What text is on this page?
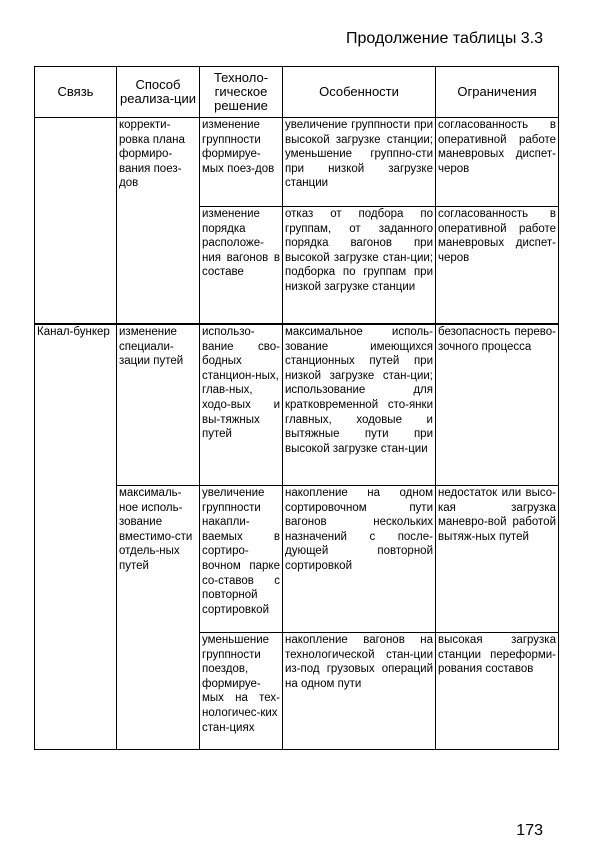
Продолжение таблицы 3.3
Связь	Способ реализа-ции	Техноло-гическое решение	Особенности	Ограничения
	корректи-ровка плана формиро-вания поез-дов	изменение группности формируе-мых поез-дов	увеличение группности при высокой загрузке станции; уменьшение группно-сти при низкой загрузке станции	согласованность в оперативной работе маневровых диспет-черов
		изменение порядка расположе-ния вагонов в составе	отказ от подбора по группам, от заданного порядка вагонов при высокой загрузке стан-ции; подборка по группам при низкой загрузке станции	согласованность в оперативной работе маневровых диспет-черов
Канал-бункер	изменение специали-зации путей	использо-вание сво-бодных станцион-ных, глав-ных, ходо-вых и вы-тяжных путей	максимальное исполь-зование имеющихся станционных путей при низкой загрузке стан-ции; использование для кратковременной сто-янки главных, ходовые и вытяжные пути при высокой загрузке стан-ции	безопасность перево-зочного процесса
	максималь-ное исполь-зование вместимо-сти отдель-ных путей	увеличение группности накапли-ваемых в сортиро-вочном парке со-ставов с повторной сортировкой	накопление на одном сортировочном пути вагонов нескольких назначений с после-дующей повторной сортировкой	недостаток или высо-кая загрузка маневро-вой работой вытяж-ных путей
		уменьшение группности поездов, формируе-мых на тех-нологичес-ких стан-циях	накопление вагонов на технологической стан-ции из-под грузовых операций на одном пути	высокая загрузка станции переформи-рования составов
173
